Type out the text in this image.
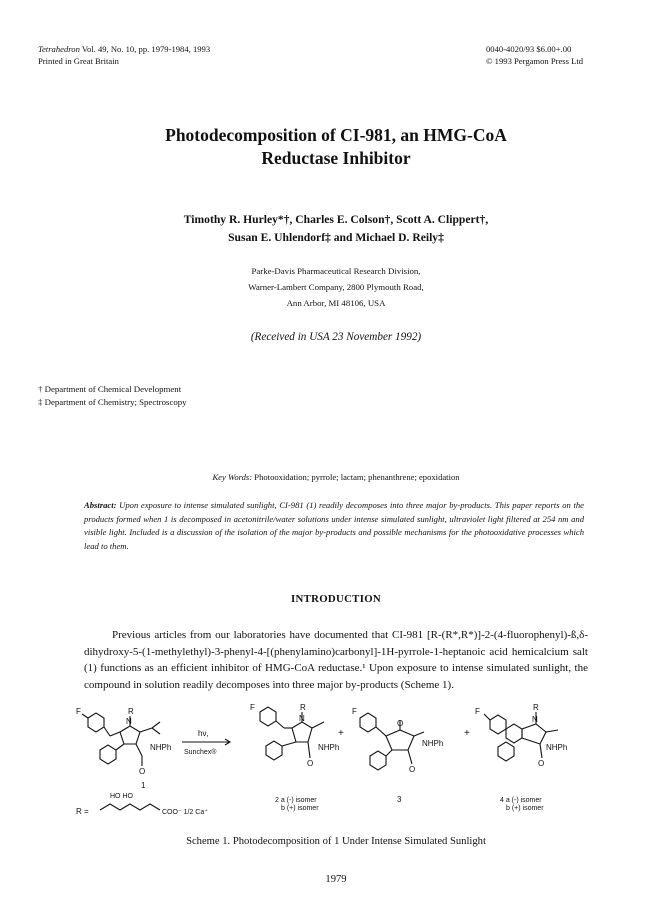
Tetrahedron Vol. 49, No. 10, pp. 1979-1984, 1993
Printed in Great Britain
0040-4020/93 $6.00+.00
© 1993 Pergamon Press Ltd
Photodecomposition of CI-981, an HMG-CoA
Reductase Inhibitor
Timothy R. Hurley*†, Charles E. Colson†, Scott A. Clippert†,
Susan E. Uhlendorf‡ and Michael D. Reily‡
Parke-Davis Pharmaceutical Research Division,
Warner-Lambert Company, 2800 Plymouth Road,
Ann Arbor, MI 48106, USA
(Received in USA 23 November 1992)
† Department of Chemical Development
‡ Department of Chemistry; Spectroscopy
Key Words: Photooxidation; pyrrole; lactam; phenanthrene; epoxidation
Abstract: Upon exposure to intense simulated sunlight, CI-981 (1) readily decomposes into three major by-products. This paper reports on the products formed when 1 is decomposed in acetonitrile/water solutions under intense simulated sunlight, ultraviolet light filtered at 254 nm and visible light. Included is a discussion of the isolation of the major by-products and possible mechanisms for the photooxidative processes which lead to them.
INTRODUCTION
Previous articles from our laboratories have documented that CI-981 [R-(R*,R*)]-2-(4-fluorophenyl)-ß,δ-dihydroxy-5-(1-methylethyl)-3-phenyl-4-[(phenylamino)carbonyl]-1H-pyrrole-1-heptanoic acid hemicalcium salt (1) functions as an efficient inhibitor of HMG-CoA reductase.¹ Upon exposure to intense simulated sunlight, the compound in solution readily decomposes into three major by-products (Scheme 1).
F	R
N
NHPh
O
hν,
Sunchex®
1
F	R
N
NHPh
O
2 a (-) isomer
b (+) isomer
+
F
O
NHPh
O
3
+
F	R
N
NHPh
O
4 a (-) isomer
b (+) isomer
R =
HO HO
COO⁻ 1/2 Ca⁺
Scheme 1. Photodecomposition of 1 Under Intense Simulated Sunlight
1979
